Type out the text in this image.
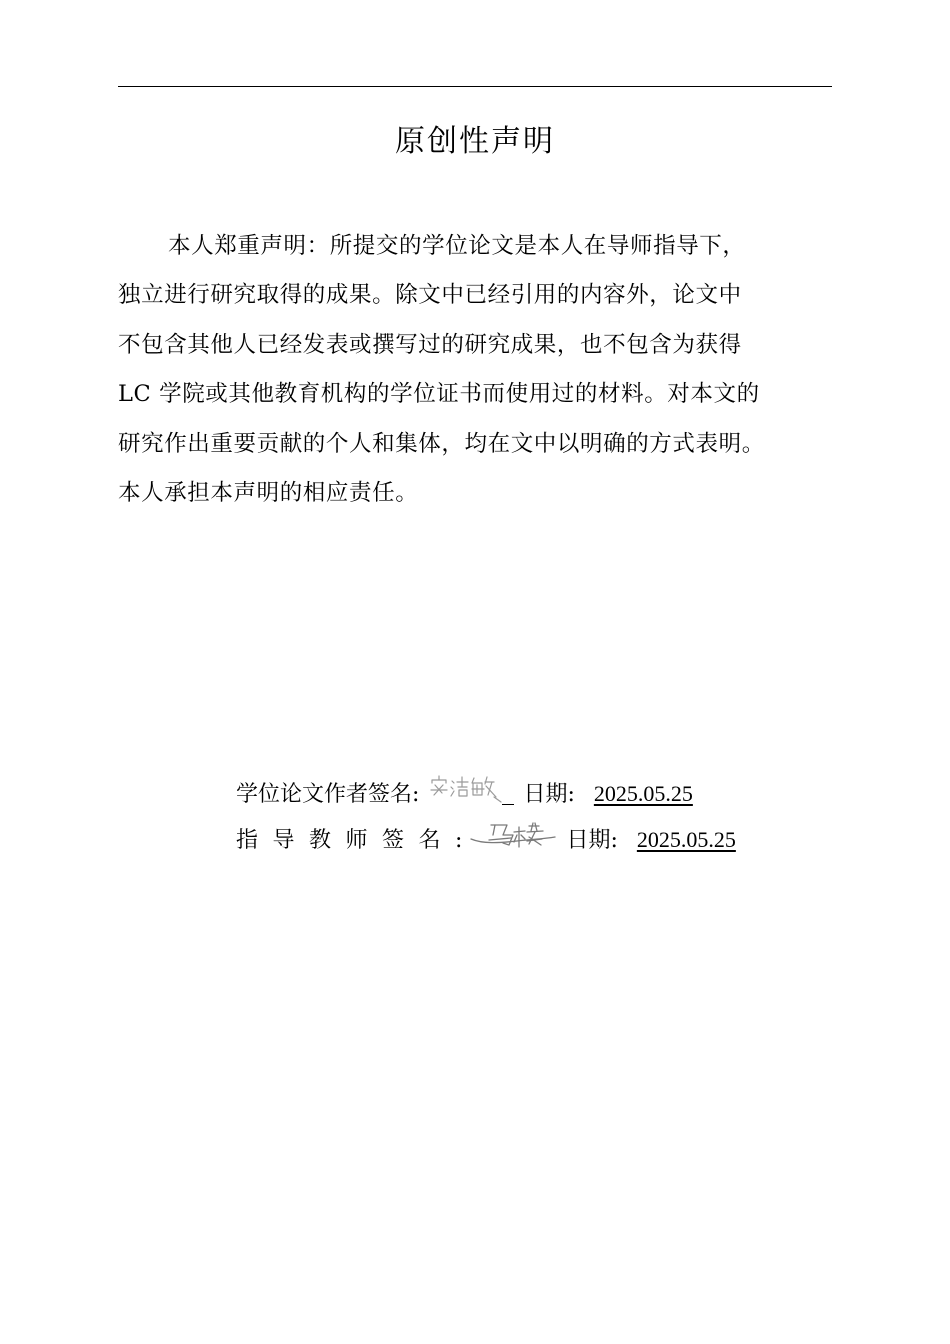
原创性声明
本人郑重声明：所提交的学位论文是本人在导师指导下，
独立进行研究取得的成果。除文中已经引用的内容外，论文中
不包含其他人已经发表或撰写过的研究成果，也不包含为获得
LC 学院或其他教育机构的学位证书而使用过的材料。对本文的
研究作出重要贡献的个人和集体，均在文中以明确的方式表明。
本人承担本声明的相应责任。
学位论文作者签名:	日期: 2025.05.25
指导教师签名:	日期: 2025.05.25
